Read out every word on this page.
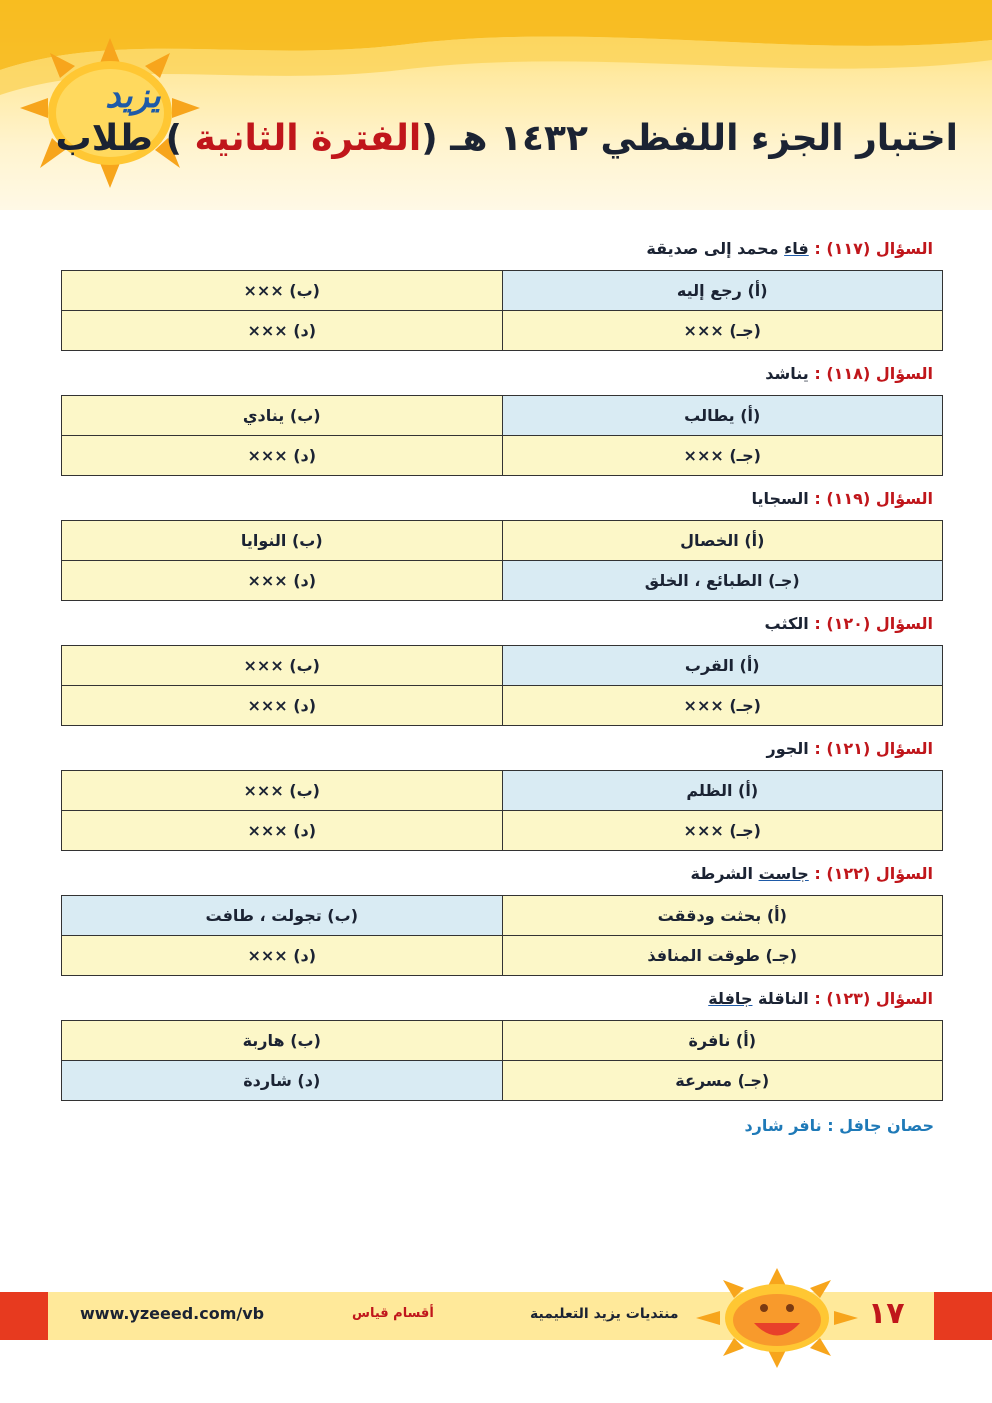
يزيد
اختبار الجزء اللفظي ١٤٣٢ هـ (الفترة الثانية ) طلاب
السؤال (١١٧) : فاء محمد إلى صديقة
(أ) رجع إليه	(ب) ×××
(جـ) ×××	(د) ×××
السؤال (١١٨) : يناشد
(أ) يطالب	(ب) ينادي
(جـ) ×××	(د) ×××
السؤال (١١٩) : السجايا
(أ) الخصال	(ب) النوايا
(جـ) الطبائع ، الخلق	(د) ×××
السؤال (١٢٠) : الكثب
(أ) القرب	(ب) ×××
(جـ) ×××	(د) ×××
السؤال (١٢١) : الجور
(أ) الظلم	(ب) ×××
(جـ) ×××	(د) ×××
السؤال (١٢٢) : جاست الشرطة
(أ) بحثت ودققت	(ب) تجولت ، طافت
(جـ) طوقت المنافذ	(د) ×××
السؤال (١٢٣) : الناقلة جافلة
(أ) نافرة	(ب) هاربة
(جـ) مسرعة	(د) شاردة
حصان جافل : نافر شارد
www.yzeeed.com/vb	أقسام قياس	منتديات يزيد التعليمية	١٧
